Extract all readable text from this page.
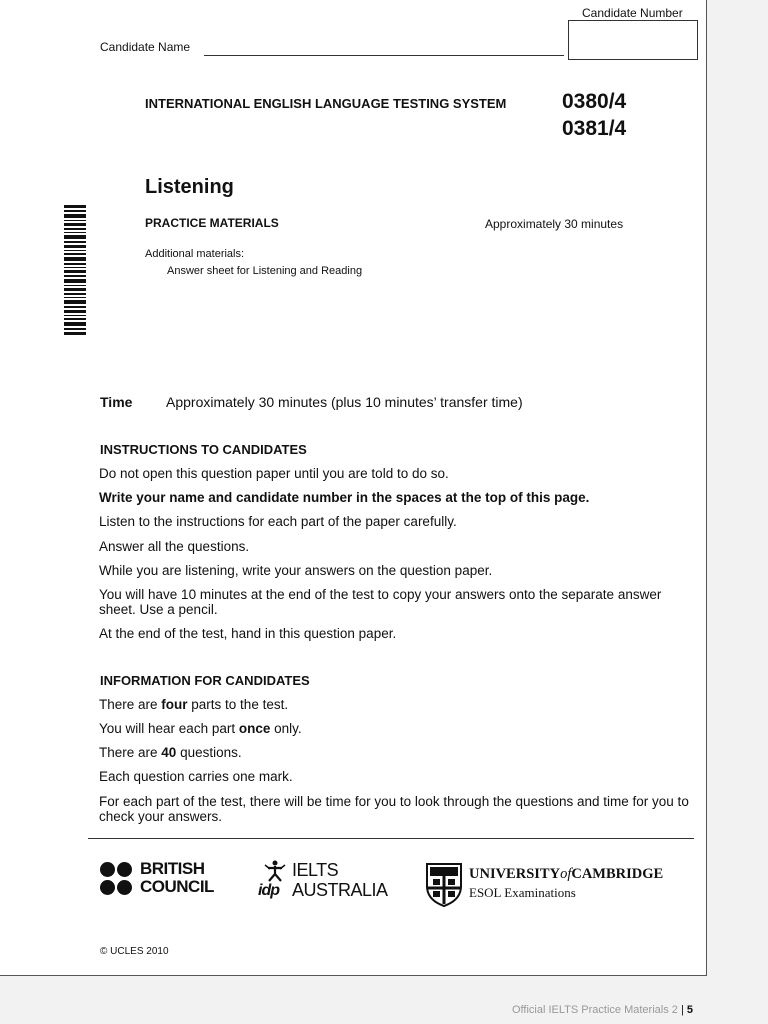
Candidate Number
Candidate Name
INTERNATIONAL ENGLISH LANGUAGE TESTING SYSTEM	0380/4
0381/4
Listening
PRACTICE MATERIALS	Approximately 30 minutes
Additional materials:
Answer sheet for Listening and Reading
Time Approximately 30 minutes (plus 10 minutes’ transfer time)
INSTRUCTIONS TO CANDIDATES
Do not open this question paper until you are told to do so.
Write your name and candidate number in the spaces at the top of this page.
Listen to the instructions for each part of the paper carefully.
Answer all the questions.
While you are listening, write your answers on the question paper.
You will have 10 minutes at the end of the test to copy your answers onto the separate answer sheet. Use a pencil.
At the end of the test, hand in this question paper.
INFORMATION FOR CANDIDATES
There are four parts to the test.
You will hear each part once only.
There are 40 questions.
Each question carries one mark.
For each part of the test, there will be time for you to look through the questions and time for you to check your answers.
BRITISH
COUNCIL	idp
IELTS
AUSTRALIA
UNIVERSITYofCAMBRIDGE
ESOL Examinations
© UCLES 2010
Official IELTS Practice Materials 2 | 5
